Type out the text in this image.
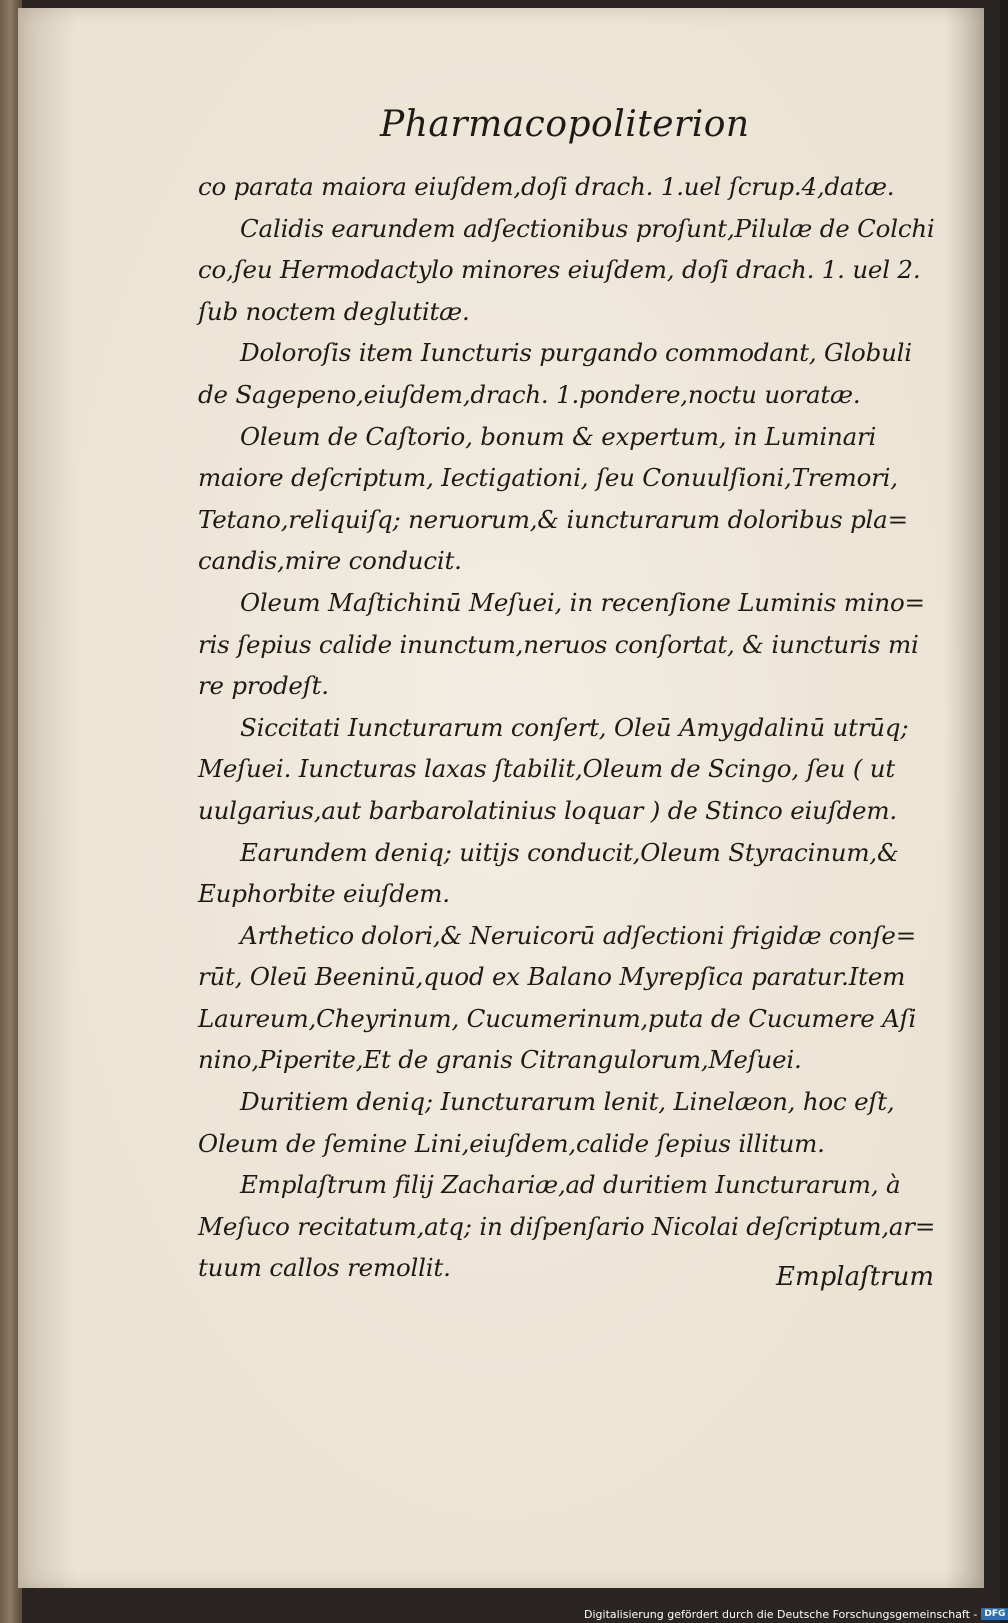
Pharmacopoliterion
co parata maiora eiuſdem,doſi drach. 1.uel ſcrup.4,datæ.
Calidis earundem adſectionibus proſunt,Pilulæ de Colchi
co,ſeu Hermodactylo minores eiuſdem, doſi drach. 1. uel 2.
ſub noctem deglutitæ.
Doloroſis item Iuncturis purgando commodant, Globuli
de Sagepeno,eiuſdem,drach. 1.pondere,noctu uoratæ.
Oleum de Caſtorio, bonum & expertum, in Luminari
maiore deſcriptum, Iectigationi, ſeu Conuulſioni,Tremori,
Tetano,reliquiſq; neruorum,& iuncturarum doloribus pla=
candis,mire conducit.
Oleum Maſtichinū Meſuei, in recenſione Luminis mino=
ris ſepius calide inunctum,neruos conſortat, & iuncturis mi
re prodeſt.
Siccitati Iuncturarum conſert, Oleū Amygdalinū utrūq;
Meſuei. Iuncturas laxas ſtabilit,Oleum de Scingo, ſeu ( ut
uulgarius,aut barbarolatinius loquar ) de Stinco eiuſdem.
Earundem deniq; uitijs conducit,Oleum Styracinum,&
Euphorbite eiuſdem.
Arthetico dolori,& Neruicorū adſectioni frigidæ conſe=
rūt, Oleū Beeninū,quod ex Balano Myrepſica paratur.Item
Laureum,Cheyrinum, Cucumerinum,puta de Cucumere Aſi
nino,Piperite,Et de granis Citrangulorum,Meſuei.
Duritiem deniq; Iuncturarum lenit, Linelæon, hoc eſt,
Oleum de ſemine Lini,eiuſdem,calide ſepius illitum.
Emplaſtrum filij Zachariæ,ad duritiem Iuncturarum, à
Meſuco recitatum,atq; in diſpenſario Nicolai deſcriptum,ar=
tuum callos remollit.	Emplaſtrum
Digitalisierung gefördert durch die Deutsche Forschungsgemeinschaft - DFG
